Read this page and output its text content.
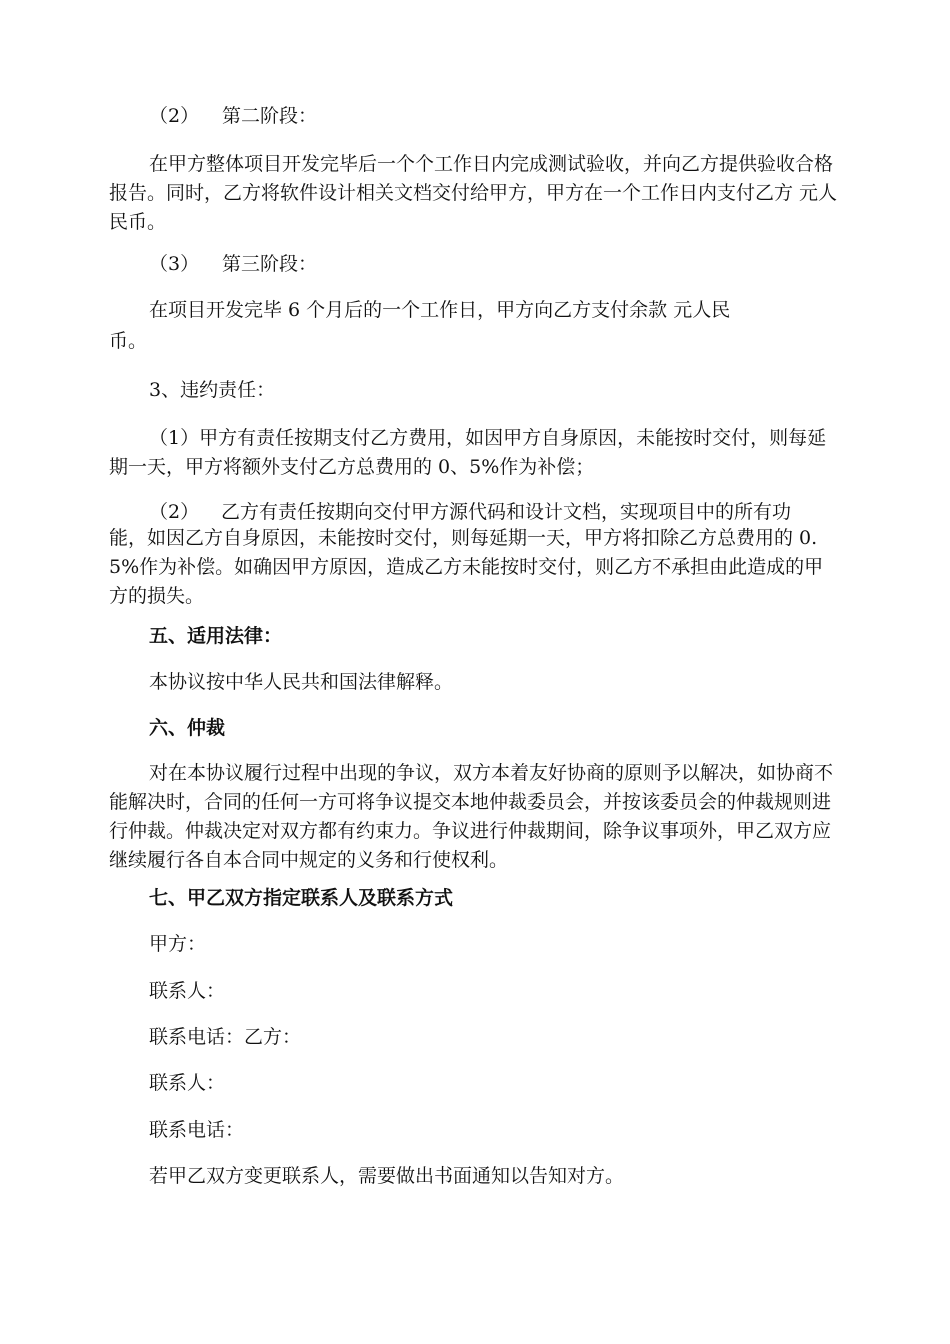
（2） 第二阶段：

在甲方整体项目开发完毕后一个个工作日内完成测试验收，并向乙方提供验收合格报告。同时，乙方将软件设计相关文档交付给甲方，甲方在一个工作日内支付乙方 元人民币。

（3） 第三阶段：

在项目开发完毕 6 个月后的一个工作日，甲方向乙方支付余款 元人民

币。

3、违约责任：

（1）甲方有责任按期支付乙方费用，如因甲方自身原因，未能按时交付，则每延期一天，甲方将额外支付乙方总费用的 0、5%作为补偿；

（2） 乙方有责任按期向交付甲方源代码和设计文档，实现项目中的所有功

能，如因乙方自身原因，未能按时交付，则每延期一天，甲方将扣除乙方总费用的 0.5%作为补偿。如确因甲方原因，造成乙方未能按时交付，则乙方不承担由此造成的甲方的损失。

五、适用法律：

本协议按中华人民共和国法律解释。

六、仲裁

对在本协议履行过程中出现的争议，双方本着友好协商的原则予以解决，如协商不能解决时，合同的任何一方可将争议提交本地仲裁委员会，并按该委员会的仲裁规则进行仲裁。仲裁决定对双方都有约束力。争议进行仲裁期间，除争议事项外，甲乙双方应继续履行各自本合同中规定的义务和行使权利。

七、甲乙双方指定联系人及联系方式

甲方：

联系人：

联系电话：乙方：

联系人：

联系电话：

若甲乙双方变更联系人，需要做出书面通知以告知对方。
